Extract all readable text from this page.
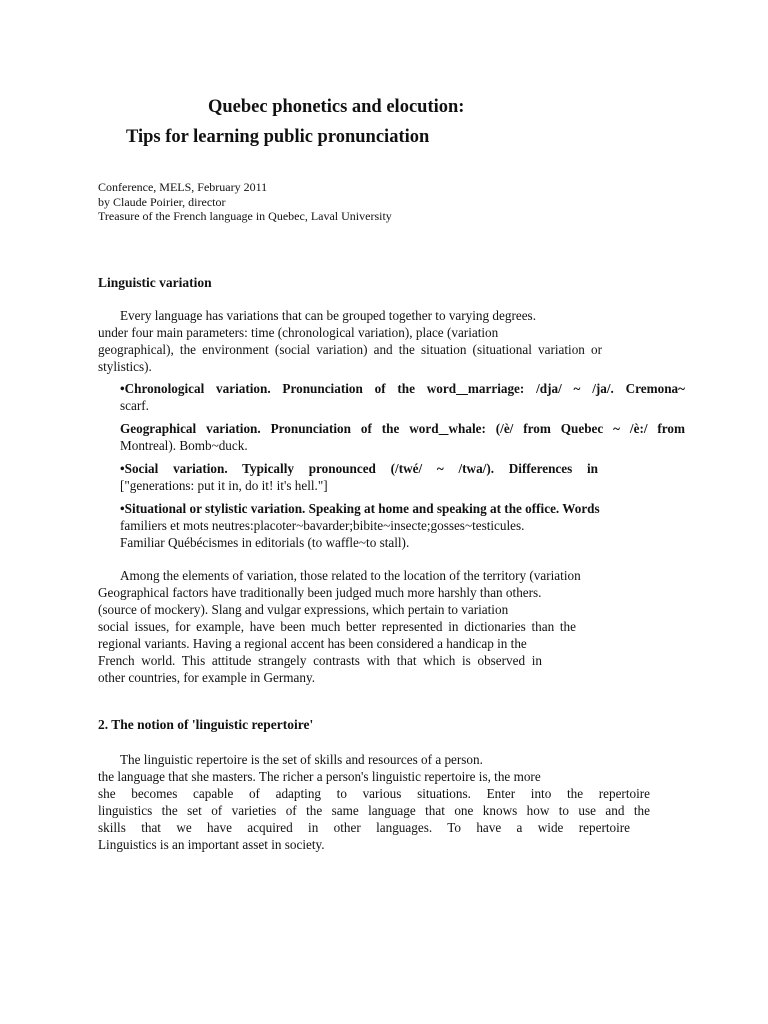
Quebec phonetics and elocution:
Tips for learning public pronunciation
Conference, MELS, February 2011
by Claude Poirier, director
Treasure of the French language in Quebec, Laval University
Linguistic variation
Every language has variations that can be grouped together to varying degrees.
under four main parameters: time (chronological variation), place (variation
geographical), the environment (social variation) and the situation (situational variation or
stylistics).
•Chronological variation. Pronunciation of the word marriage: /dja/ ~ /ja/. Cremona~
scarf.
Geographical variation. Pronunciation of the word whale: (/è/ from Quebec ~ /è:/ from
Montreal). Bomb~duck.
•Social variation. Typically pronounced (/twé/ ~ /twa/). Differences in
["generations: put it in, do it! it's hell."]
•Situational or stylistic variation. Speaking at home and speaking at the office. Words
familiers et mots neutres:placoter~bavarder;bibite~insecte;gosses~testicules.
Familiar Québécismes in editorials (to waffle~to stall).
Among the elements of variation, those related to the location of the territory (variation
Geographical factors have traditionally been judged much more harshly than others.
(source of mockery). Slang and vulgar expressions, which pertain to variation
social issues, for example, have been much better represented in dictionaries than the
regional variants. Having a regional accent has been considered a handicap in the
French world. This attitude strangely contrasts with that which is observed in
other countries, for example in Germany.
2. The notion of 'linguistic repertoire'
The linguistic repertoire is the set of skills and resources of a person.
the language that she masters. The richer a person's linguistic repertoire is, the more
she becomes capable of adapting to various situations. Enter into the repertoire
linguistics the set of varieties of the same language that one knows how to use and the
skills that we have acquired in other languages. To have a wide repertoire
Linguistics is an important asset in society.
